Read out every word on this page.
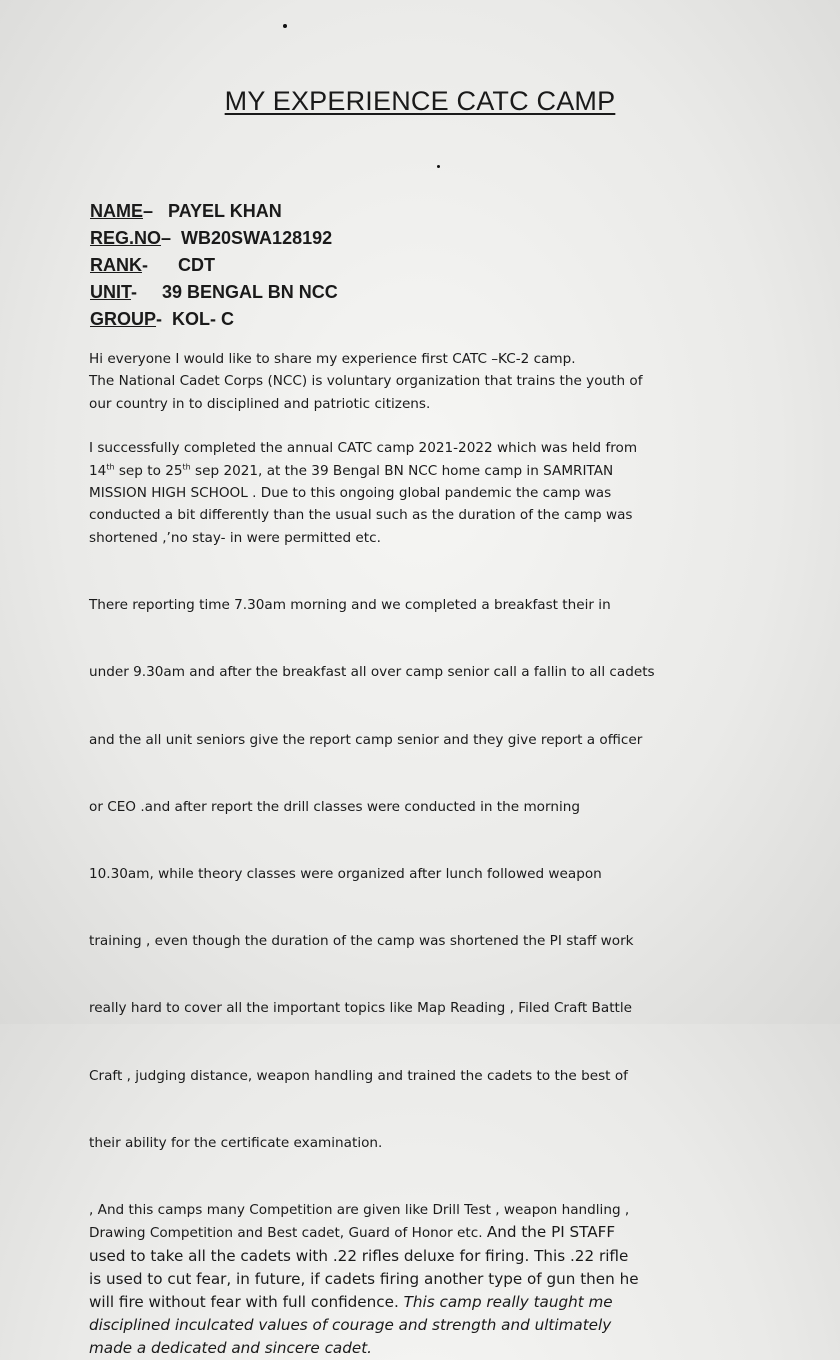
MY EXPERIENCE CATC CAMP
NAME– PAYEL KHAN
REG.NO– WB20SWA128192
RANK- CDT
UNIT- 39 BENGAL BN NCC
GROUP- KOL- C
Hi everyone I would like to share my experience first CATC –KC-2 camp.
The National Cadet Corps (NCC) is voluntary organization that trains the youth of
our country in to disciplined and patriotic citizens.
I successfully completed the annual CATC camp 2021-2022 which was held from
14th sep to 25th sep 2021, at the 39 Bengal BN NCC home camp in SAMRITAN
MISSION HIGH SCHOOL . Due to this ongoing global pandemic the camp was
conducted a bit differently than the usual such as the duration of the camp was
shortened ,’no stay- in were permitted etc.

There reporting time 7.30am morning and we completed a breakfast their in

under 9.30am and after the breakfast all over camp senior call a fallin to all cadets

and the all unit seniors give the report camp senior and they give report a officer

or CEO .and after report the drill classes were conducted in the morning

10.30am, while theory classes were organized after lunch followed weapon

training , even though the duration of the camp was shortened the PI staff work

really hard to cover all the important topics like Map Reading , Filed Craft Battle

Craft , judging distance, weapon handling and trained the cadets to the best of

their ability for the certificate examination.

, And this camps many Competition are given like Drill Test , weapon handling ,
Drawing Competition and Best cadet, Guard of Honor etc. And the PI STAFF
used to take all the cadets with .22 rifles deluxe for firing. This .22 rifle
is used to cut fear, in future, if cadets firing another type of gun then he
will fire without fear with full confidence. This camp really taught me
disciplined inculcated values of courage and strength and ultimately
made a dedicated and sincere cadet.
